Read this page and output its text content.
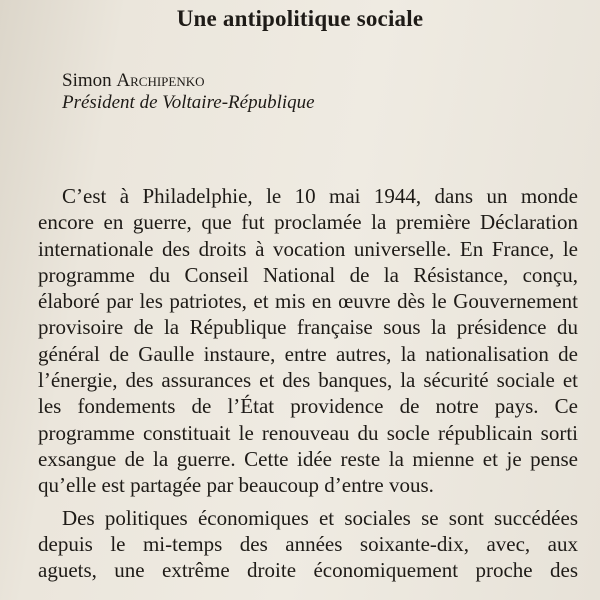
Une antipolitique sociale

Simon Archipenko

Président de Voltaire-République

C’est à Philadelphie, le 10 mai 1944, dans un monde
encore en guerre, que fut proclamée la première Déclaration
internationale des droits à vocation universelle. En France, le
programme du Conseil National de la Résistance, conçu,
élaboré par les patriotes, et mis en œuvre dès le Gouvernement
provisoire de la République française sous la présidence du
général de Gaulle instaure, entre autres, la nationalisation de
l’énergie, des assurances et des banques, la sécurité sociale et
les fondements de l’État providence de notre pays. Ce
programme constituait le renouveau du socle républicain sorti
exsangue de la guerre. Cette idée reste la mienne et je pense
qu’elle est partagée par beaucoup d’entre vous.
Des politiques économiques et sociales se sont succédées
depuis le mi-temps des années soixante-dix, avec, aux
aguets, une extrême droite économiquement proche des
